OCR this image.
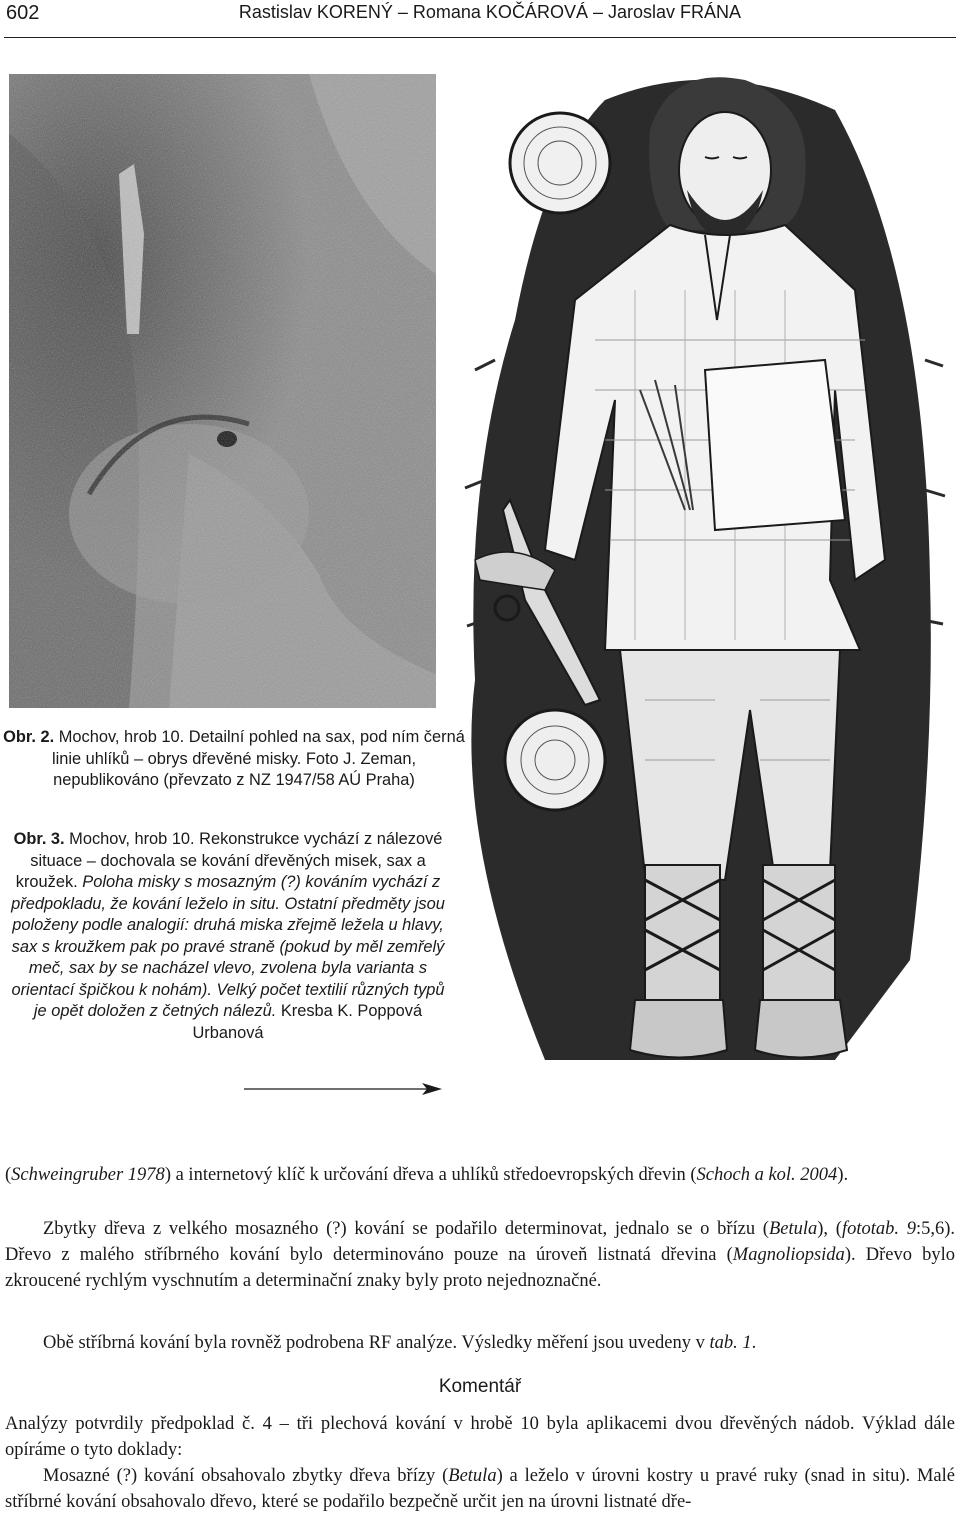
602	Rastislav KORENÝ – Romana KOČÁROVÁ – Jaroslav FRÁNA
Obr. 2. Mochov, hrob 10. Detailní pohled na sax, pod ním černá linie uhlíků – obrys dřevěné misky. Foto J. Zeman, nepublikováno (převzato z NZ 1947/58 AÚ Praha)
Obr. 3. Mochov, hrob 10. Rekonstrukce vychází z nálezové situace – dochovala se kování dřevěných misek, sax a kroužek. Poloha misky s mosazným (?) kováním vychází z předpokladu, že kování leželo in situ. Ostatní předměty jsou položeny podle analogií: druhá miska zřejmě ležela u hlavy, sax s kroužkem pak po pravé straně (pokud by měl zemřelý meč, sax by se nacházel vlevo, zvolena byla varianta s orientací špičkou k nohám). Velký počet textilií různých typů je opět doložen z četných nálezů. Kresba K. Poppová Urbanová

(Schweingruber 1978) a internetový klíč k určování dřeva a uhlíků středoevropských dřevin (Schoch a kol. 2004).

Zbytky dřeva z velkého mosazného (?) kování se podařilo determinovat, jednalo se o břízu (Betula), (fototab. 9:5,6). Dřevo z malého stříbrného kování bylo determinováno pouze na úroveň listnatá dřevina (Magnoliopsida). Dřevo bylo zkroucené rychlým vyschnutím a determinační znaky byly proto nejednoznačné.

Obě stříbrná kování byla rovněž podrobena RF analýze. Výsledky měření jsou uvedeny v tab. 1.

Komentář

Analýzy potvrdily předpoklad č. 4 – tři plechová kování v hrobě 10 byla aplikacemi dvou dřevěných nádob. Výklad dále opíráme o tyto doklady:

Mosazné (?) kování obsahovalo zbytky dřeva břízy (Betula) a leželo v úrovni kostry u pravé ruky (snad in situ). Malé stříbrné kování obsahovalo dřevo, které se podařilo bezpečně určit jen na úrovni listnaté dře-
